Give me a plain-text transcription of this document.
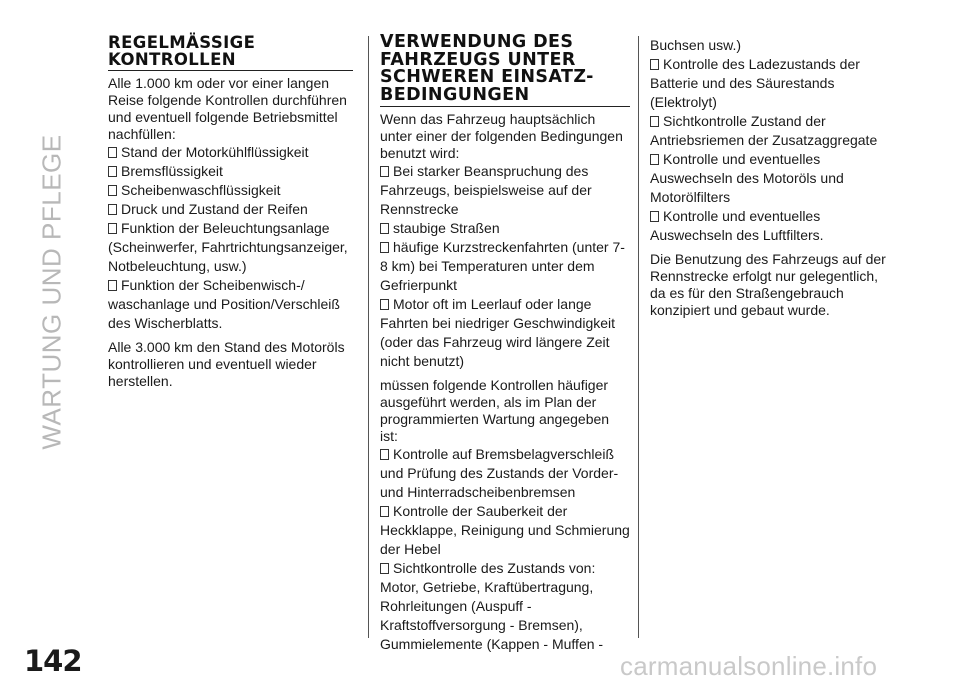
WARTUNG UND PFLEGE
142	carmanualsonline.info
REGELMÄSSIGE KONTROLLEN

Alle 1.000 km oder vor einer langen Reise folgende Kontrollen durchführen und eventuell folgende Betriebsmittel nachfüllen:

Stand der Motorkühlflüssigkeit

Bremsflüssigkeit

Scheibenwaschflüssigkeit

Druck und Zustand der Reifen

Funktion der Beleuchtungsanlage (Scheinwerfer, Fahrtrichtungsanzeiger, Notbeleuchtung, usw.)

Funktion der Scheibenwisch-/ waschanlage und Position/Verschleiß des Wischerblatts.

Alle 3.000 km den Stand des Motoröls kontrollieren und eventuell wieder herstellen.

VERWENDUNG DES FAHRZEUGS UNTER SCHWEREN EINSATZ-BEDINGUNGEN

Wenn das Fahrzeug hauptsächlich unter einer der folgenden Bedingungen benutzt wird:

Bei starker Beanspruchung des Fahrzeugs, beispielsweise auf der Rennstrecke

staubige Straßen

häufige Kurzstreckenfahrten (unter 7-8 km) bei Temperaturen unter dem Gefrierpunkt

Motor oft im Leerlauf oder lange Fahrten bei niedriger Geschwindigkeit (oder das Fahrzeug wird längere Zeit nicht benutzt)

müssen folgende Kontrollen häufiger ausgeführt werden, als im Plan der programmierten Wartung angegeben ist:

Kontrolle auf Bremsbelagverschleiß und Prüfung des Zustands der Vorder- und Hinterradscheibenbremsen

Kontrolle der Sauberkeit der Heckklappe, Reinigung und Schmierung der Hebel

Sichtkontrolle des Zustands von: Motor, Getriebe, Kraftübertragung, Rohrleitungen (Auspuff - Kraftstoffversorgung - Bremsen), Gummielemente (Kappen - Muffen -

Buchsen usw.)

Kontrolle des Ladezustands der Batterie und des Säurestands (Elektrolyt)

Sichtkontrolle Zustand der Antriebsriemen der Zusatzaggregate

Kontrolle und eventuelles Auswechseln des Motoröls und Motorölfilters

Kontrolle und eventuelles Auswechseln des Luftfilters.

Die Benutzung des Fahrzeugs auf der Rennstrecke erfolgt nur gelegentlich, da es für den Straßengebrauch konzipiert und gebaut wurde.
